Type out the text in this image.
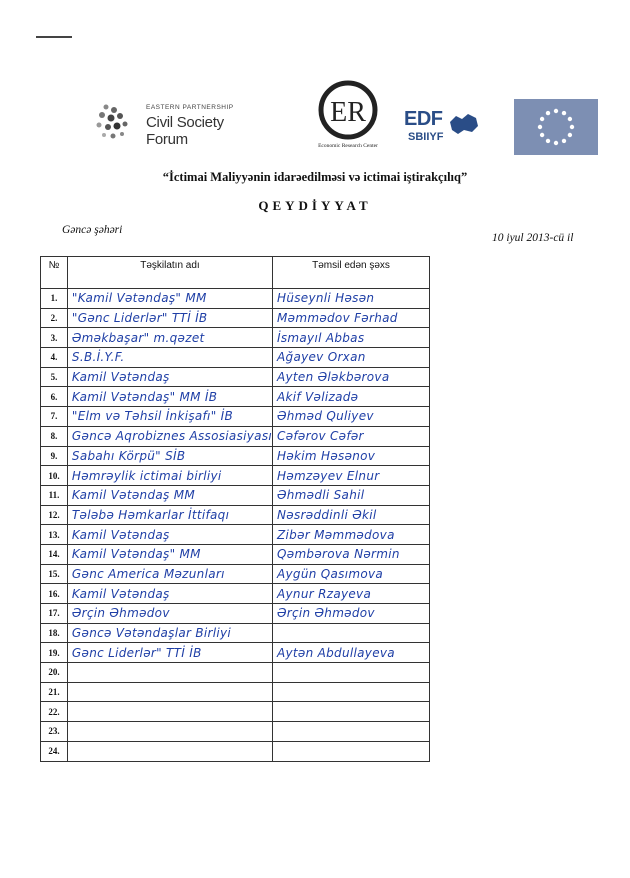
EASTERN PARTNERSHIP
Civil Society Forum
ER
Economic Research Center
EDF
SBIIYF
“İctimai Maliyyənin idarəedilməsi və ictimai iştirakçılıq”
QEYDİYYAT
Gəncə şəhəri
10 iyul 2013-cü il
№	Təşkilatın adı	Təmsil edən şəxs
1.	"Kamil Vətəndaş" MM	Hüseynli Həsən

2.	"Gənc Liderlər" TTİ İB	Məmmədov Fərhad

3.	Əməkbaşar" m.qəzet	İsmayıl Abbas

4.	S.B.İ.Y.F.	Ağayev Orxan

5.	Kamil Vətəndaş	Ayten Ələkbərova

6.	Kamil Vətəndaş" MM İB	Akif Vəlizadə

7.	"Elm və Təhsil İnkişafı" İB	Əhməd Quliyev

8.	Gəncə Aqrobiznes Assosiasiyası	Cəfərov Cəfər

9.	Sabahı Körpü" SİB	Həkim Həsənov

10.	Həmrəylik ictimai birliyi	Həmzəyev Elnur

11.	Kamil Vətəndaş MM	Əhmədli Sahil

12.	Tələbə Həmkarlar İttifaqı	Nəsrəddinli Əkil

13.	Kamil Vətəndaş	Zibər Məmmədova

14.	Kamil Vətəndaş" MM	Qəmbərova Nərmin

15.	Gənc America Məzunları	Aygün Qasımova

16.	Kamil Vətəndaş	Aynur Rzayeva

17.	Ərçin Əhmədov	Ərçin Əhmədov

18.	Gəncə Vətəndaşlar Birliyi	

19.	Gənc Liderlər" TTİ İB	Aytən Abdullayeva

20.	

21.	

22.	

23.	

24.	
